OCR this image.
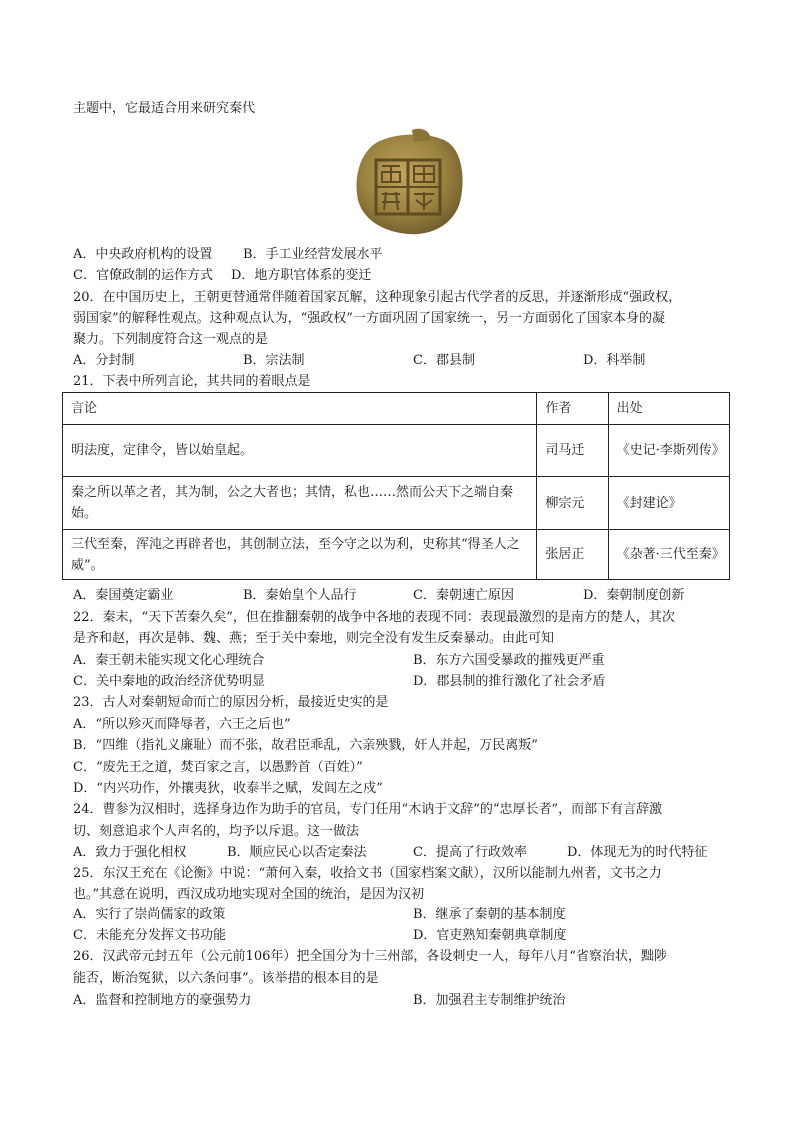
主题中，它最适合用来研究秦代
A．中央政府机构的设置 B．手工业经营发展水平
C．官僚政制的运作方式 D．地方职官体系的变迁
20．在中国历史上，王朝更替通常伴随着国家瓦解，这种现象引起古代学者的反思，并逐渐形成“强政权，
弱国家”的解释性观点。这种观点认为，“强政权”一方面巩固了国家统一，另一方面弱化了国家本身的凝
聚力。下列制度符合这一观点的是
A．分封制	B．宗法制	C．郡县制	D．科举制
21．下表中所列言论，其共同的着眼点是
言论	作者	出处
明法度，定律令，皆以始皇起。	司马迁	《史记·李斯列传》
秦之所以革之者，其为制，公之大者也；其情，私也……然而公天下之端自秦始。	柳宗元	《封建论》
三代至秦，浑沌之再辟者也，其创制立法，至今守之以为利，史称其“得圣人之威”。	张居正	《杂著·三代至秦》
A．秦国奠定霸业	B．秦始皇个人品行	C．秦朝速亡原因	D．秦朝制度创新
22．秦末，“天下苦秦久矣”，但在推翻秦朝的战争中各地的表现不同：表现最激烈的是南方的楚人，其次
是齐和赵，再次是韩、魏、燕；至于关中秦地，则完全没有发生反秦暴动。由此可知
A．秦王朝未能实现文化心理统合	B．东方六国受暴政的摧残更严重
C．关中秦地的政治经济优势明显	D．郡县制的推行激化了社会矛盾
23．古人对秦朝短命而亡的原因分析，最接近史实的是
A．“所以殄灭而降辱者，六王之后也”
B．“四维（指礼义廉耻）而不张，故君臣乖乱，六亲殃戮，奸人并起，万民离叛”
C．“废先王之道，焚百家之言，以愚黔首（百姓）”
D．“内兴功作，外攘夷狄，收泰半之赋，发闾左之戍”
24．曹参为汉相时，选择身边作为助手的官员，专门任用“木讷于文辞”的“忠厚长者”，而部下有言辞激
切、刻意追求个人声名的，均予以斥退。这一做法
A．致力于强化相权	B．顺应民心以否定秦法	C．提高了行政效率	D．体现无为的时代特征
25．东汉王充在《论衡》中说：“萧何入秦，收拾文书（国家档案文献），汉所以能制九州者，文书之力
也。”其意在说明，西汉成功地实现对全国的统治，是因为汉初
A．实行了崇尚儒家的政策	B．继承了秦朝的基本制度
C．未能充分发挥文书功能	D．官吏熟知秦朝典章制度
26．汉武帝元封五年（公元前106年）把全国分为十三州部，各设刺史一人，每年八月“省察治状，黜陟
能否，断治冤狱，以六条问事”。该举措的根本目的是
A．监督和控制地方的豪强势力	B．加强君主专制维护统治
